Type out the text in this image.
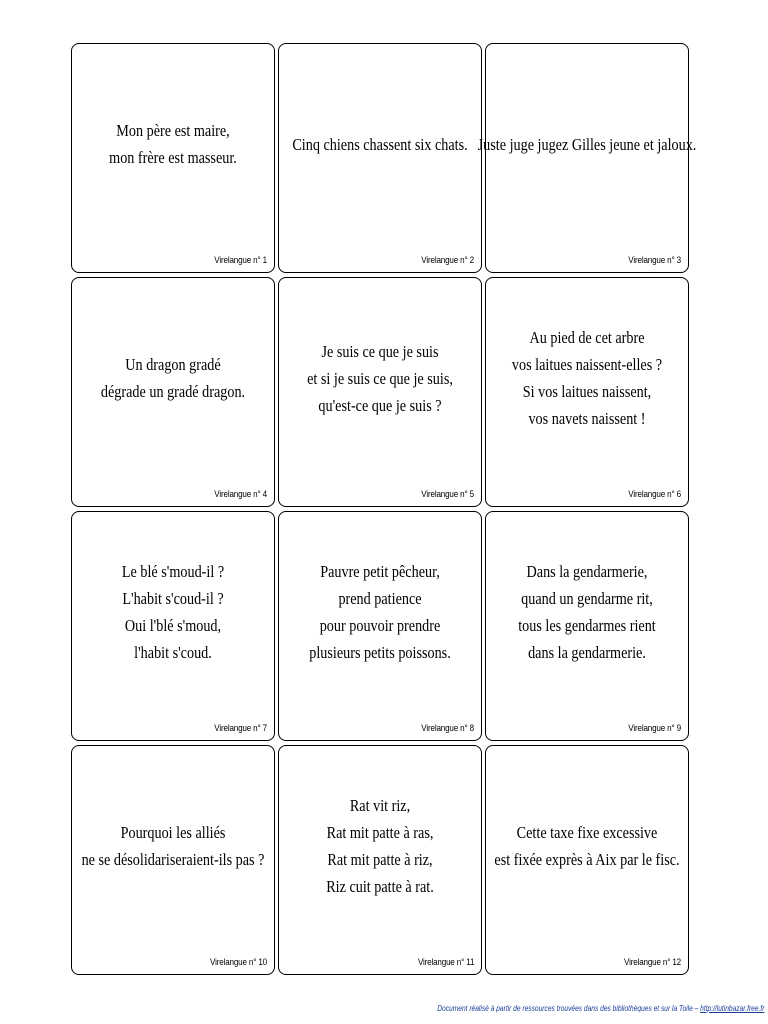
Mon père est maire,
mon frère est masseur.
Virelangue n° 1
Cinq chiens chassent six chats.
Virelangue n° 2
Juste juge jugez Gilles jeune et jaloux.
Virelangue n° 3
Un dragon gradé
dégrade un gradé dragon.
Virelangue n° 4
Je suis ce que je suis
et si je suis ce que je suis,
qu'est-ce que je suis ?
Virelangue n° 5
Au pied de cet arbre
vos laitues naissent-elles ?
Si vos laitues naissent,
vos navets naissent !
Virelangue n° 6
Le blé s'moud-il ?
L'habit s'coud-il ?
Oui l'blé s'moud,
l'habit s'coud.
Virelangue n° 7
Pauvre petit pêcheur,
prend patience
pour pouvoir prendre
plusieurs petits poissons.
Virelangue n° 8
Dans la gendarmerie,
quand un gendarme rit,
tous les gendarmes rient
dans la gendarmerie.
Virelangue n° 9
Pourquoi les alliés
ne se désolidariseraient-ils pas ?
Virelangue n° 10
Rat vit riz,
Rat mit patte à ras,
Rat mit patte à riz,
Riz cuit patte à rat.
Virelangue n° 11
Cette taxe fixe excessive
est fixée exprès à Aix par le fisc.
Virelangue n° 12
Document réalisé à partir de ressources trouvées dans des bibliothèques et sur la Toile – http://lutinbazar.free.fr
